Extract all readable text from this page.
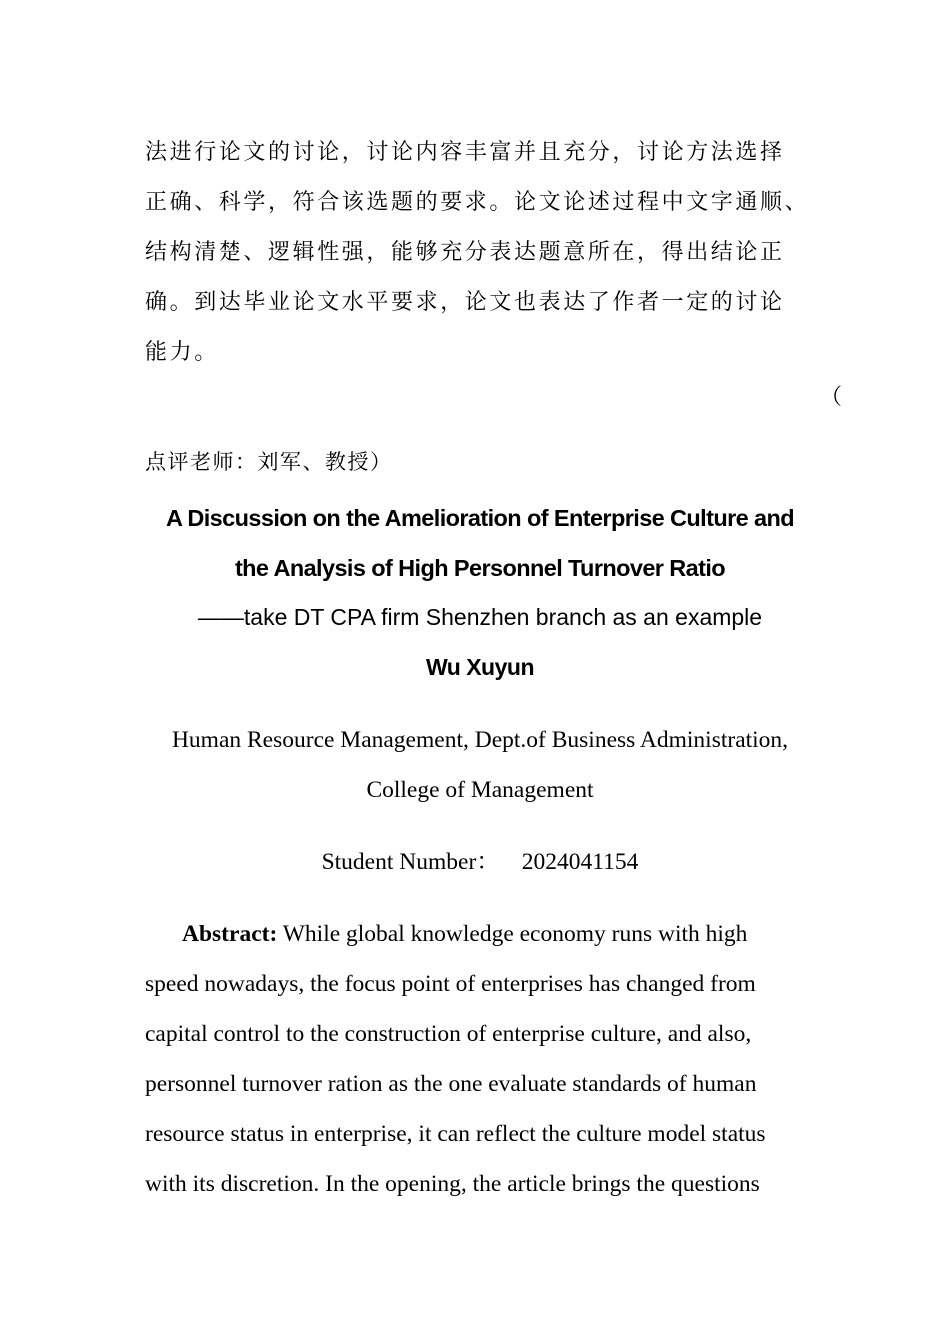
法进行论文的讨论，讨论内容丰富并且充分，讨论方法选择
正确、科学，符合该选题的要求。论文论述过程中文字通顺、
结构清楚、逻辑性强，能够充分表达题意所在，得出结论正
确。到达毕业论文水平要求，论文也表达了作者一定的讨论
能力。
（
点评老师：刘军、教授）
A Discussion on the Amelioration of Enterprise Culture and
the Analysis of High Personnel Turnover Ratio
——take DT CPA firm Shenzhen branch as an example
Wu Xuyun
Human Resource Management, Dept.of Business Administration,
College of Management
Student Number： 2024041154
Abstract: While global knowledge economy runs with high
speed nowadays, the focus point of enterprises has changed from
capital control to the construction of enterprise culture, and also,
personnel turnover ration as the one evaluate standards of human
resource status in enterprise, it can reflect the culture model status
with its discretion. In the opening, the article brings the questions
